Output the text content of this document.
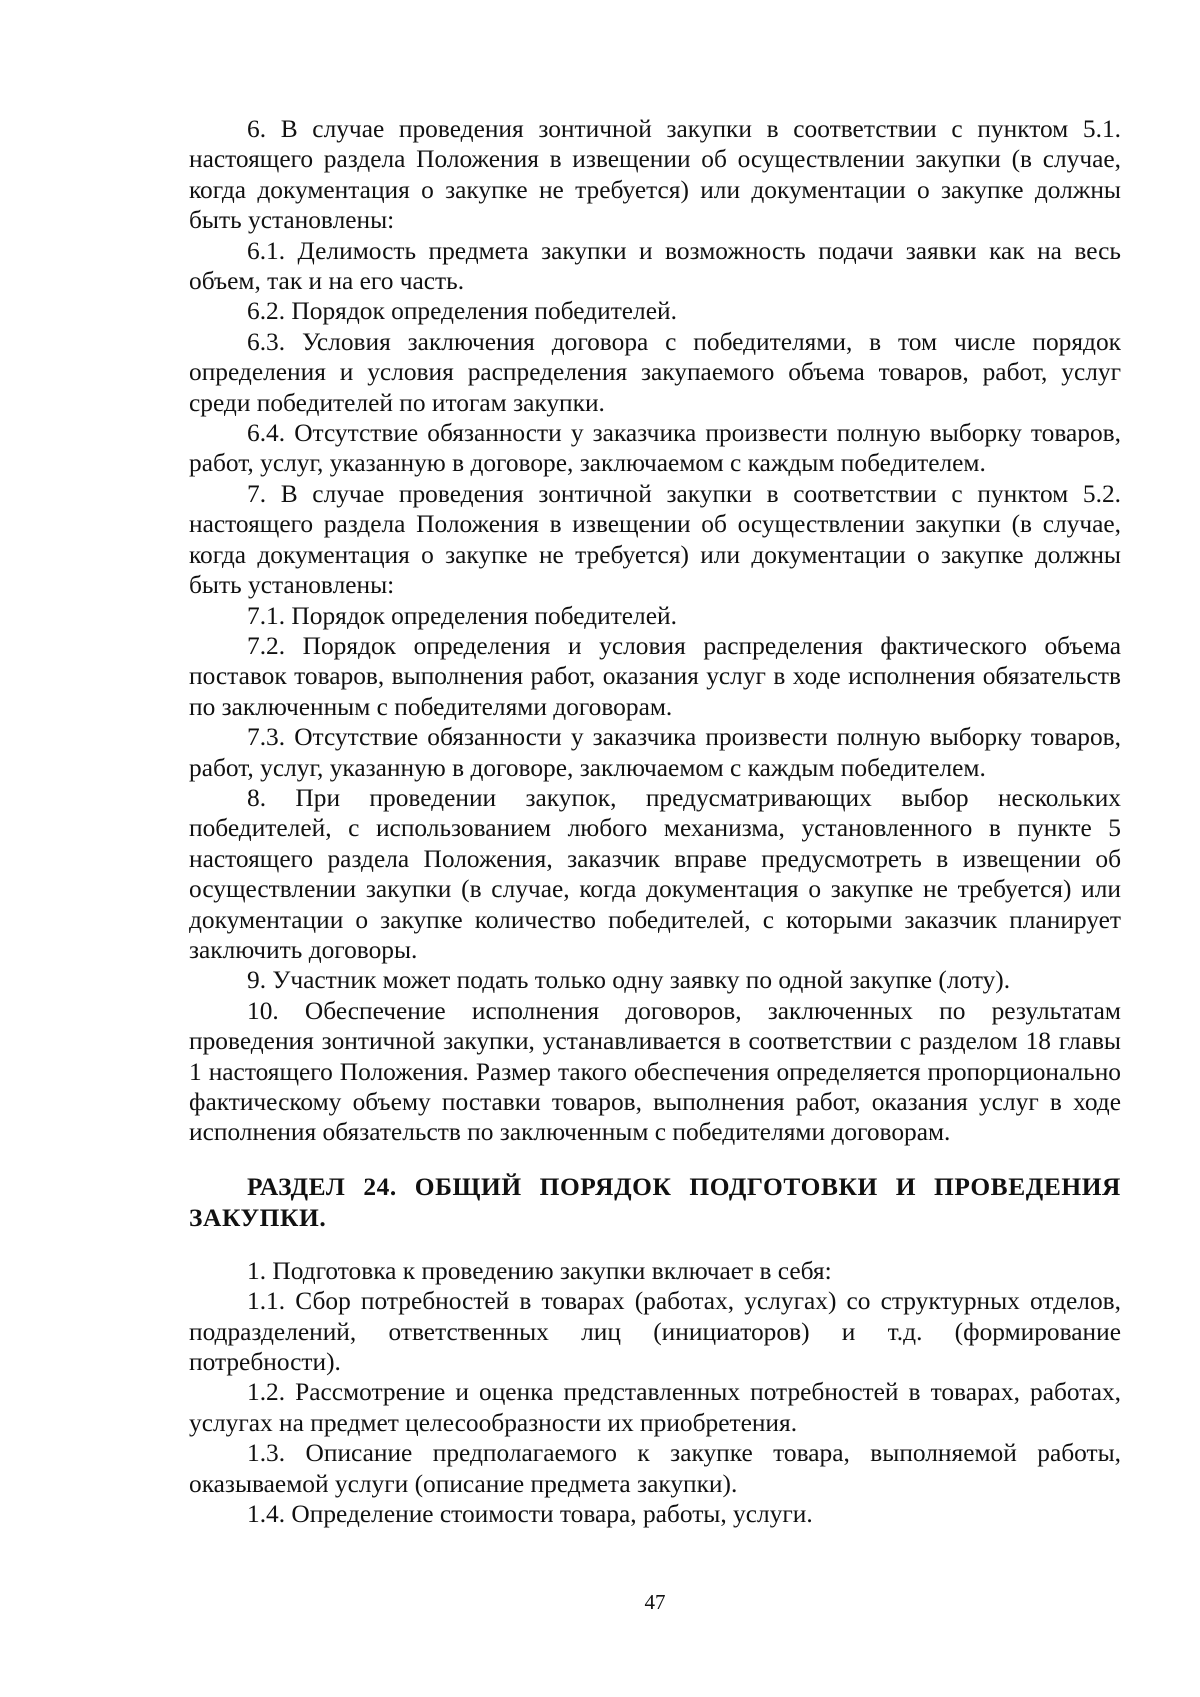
6. В случае проведения зонтичной закупки в соответствии с пунктом 5.1. настоящего раздела Положения в извещении об осуществлении закупки (в случае, когда документация о закупке не требуется) или документации о закупке должны быть установлены:

6.1. Делимость предмета закупки и возможность подачи заявки как на весь объем, так и на его часть.

6.2. Порядок определения победителей.

6.3. Условия заключения договора с победителями, в том числе порядок определения и условия распределения закупаемого объема товаров, работ, услуг среди победителей по итогам закупки.

6.4. Отсутствие обязанности у заказчика произвести полную выборку товаров, работ, услуг, указанную в договоре, заключаемом с каждым победителем.

7. В случае проведения зонтичной закупки в соответствии с пунктом 5.2. настоящего раздела Положения в извещении об осуществлении закупки (в случае, когда документация о закупке не требуется) или документации о закупке должны быть установлены:

7.1. Порядок определения победителей.

7.2. Порядок определения и условия распределения фактического объема поставок товаров, выполнения работ, оказания услуг в ходе исполнения обязательств по заключенным с победителями договорам.

7.3. Отсутствие обязанности у заказчика произвести полную выборку товаров, работ, услуг, указанную в договоре, заключаемом с каждым победителем.

8. При проведении закупок, предусматривающих выбор нескольких победителей, с использованием любого механизма, установленного в пункте 5 настоящего раздела Положения, заказчик вправе предусмотреть в извещении об осуществлении закупки (в случае, когда документация о закупке не требуется) или документации о закупке количество победителей, с которыми заказчик планирует заключить договоры.

9. Участник может подать только одну заявку по одной закупке (лоту).

10. Обеспечение исполнения договоров, заключенных по результатам проведения зонтичной закупки, устанавливается в соответствии с разделом 18 главы 1 настоящего Положения. Размер такого обеспечения определяется пропорционально фактическому объему поставки товаров, выполнения работ, оказания услуг в ходе исполнения обязательств по заключенным с победителями договорам.

РАЗДЕЛ 24. ОБЩИЙ ПОРЯДОК ПОДГОТОВКИ И ПРОВЕДЕНИЯ ЗАКУПКИ.

1. Подготовка к проведению закупки включает в себя:

1.1. Сбор потребностей в товарах (работах, услугах) со структурных отделов, подразделений, ответственных лиц (инициаторов) и т.д. (формирование потребности).

1.2. Рассмотрение и оценка представленных потребностей в товарах, работах, услугах на предмет целесообразности их приобретения.

1.3. Описание предполагаемого к закупке товара, выполняемой работы, оказываемой услуги (описание предмета закупки).

1.4. Определение стоимости товара, работы, услуги.

47
